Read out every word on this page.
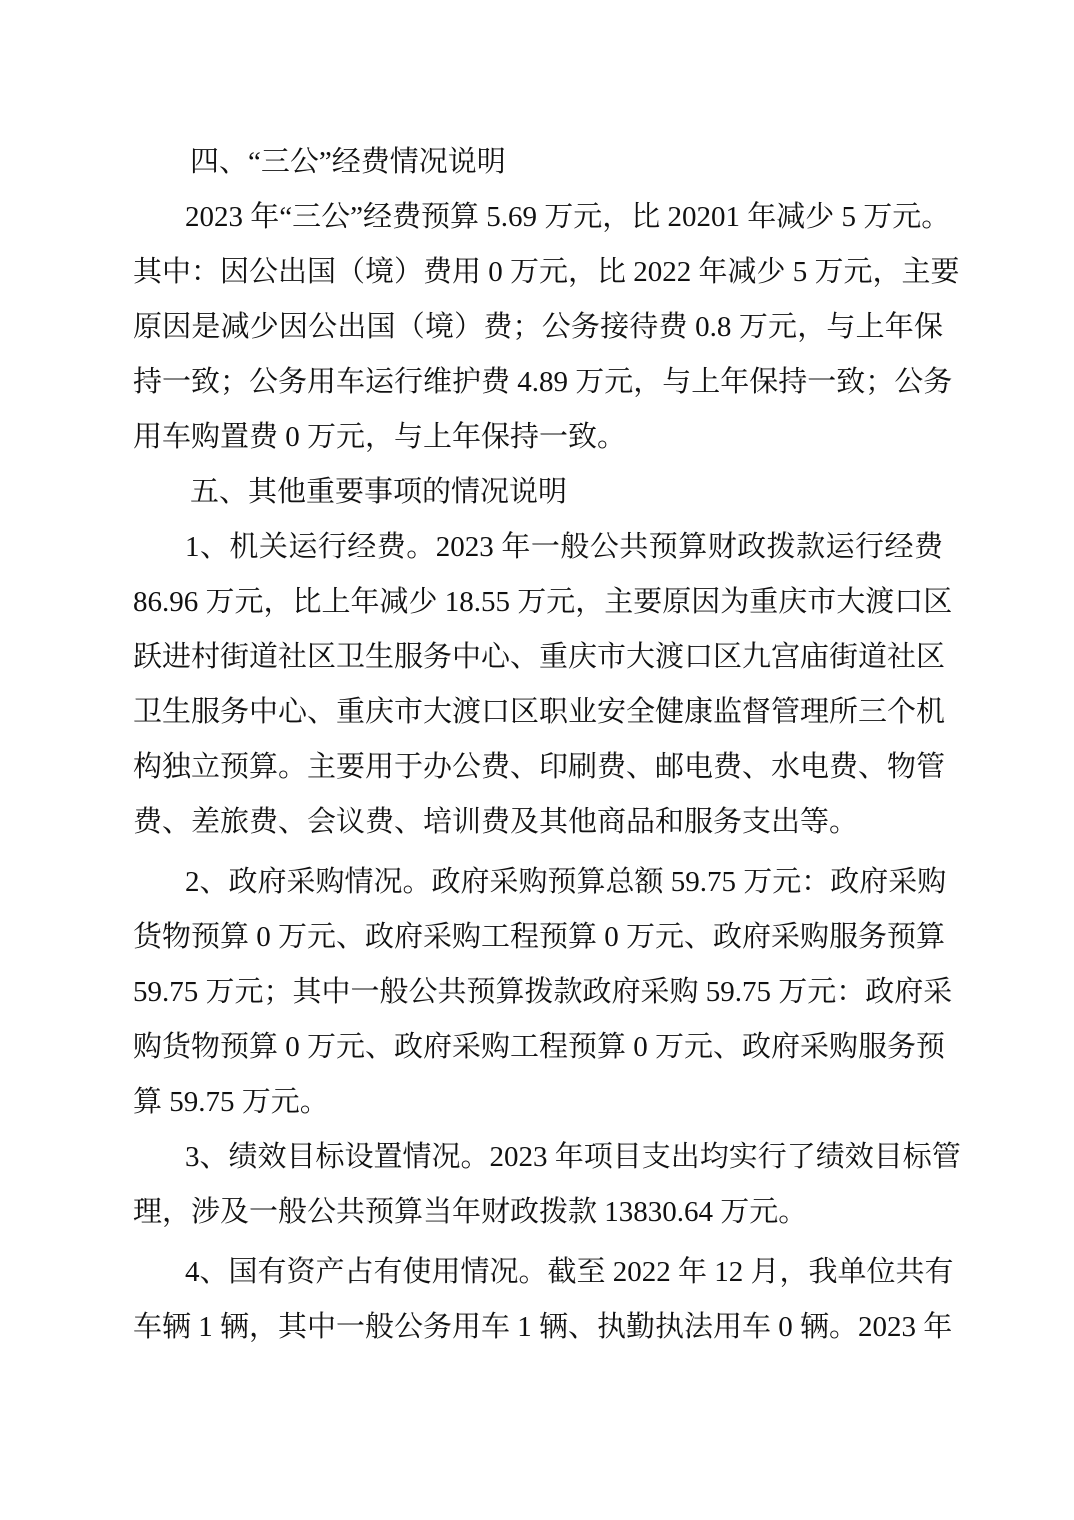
四、“三公”经费情况说明
2023 年“三公”经费预算 5.69 万元，比 20201 年减少 5 万元。
其中：因公出国（境）费用 0 万元，比 2022 年减少 5 万元，主要
原因是减少因公出国（境）费；公务接待费 0.8 万元，与上年保
持一致；公务用车运行维护费 4.89 万元，与上年保持一致；公务
用车购置费 0 万元，与上年保持一致。
五、其他重要事项的情况说明
1、机关运行经费。2023 年一般公共预算财政拨款运行经费
86.96 万元，比上年减少 18.55 万元，主要原因为重庆市大渡口区
跃进村街道社区卫生服务中心、重庆市大渡口区九宫庙街道社区
卫生服务中心、重庆市大渡口区职业安全健康监督管理所三个机
构独立预算。主要用于办公费、印刷费、邮电费、水电费、物管
费、差旅费、会议费、培训费及其他商品和服务支出等。
2、政府采购情况。政府采购预算总额 59.75 万元：政府采购
货物预算 0 万元、政府采购工程预算 0 万元、政府采购服务预算
59.75 万元；其中一般公共预算拨款政府采购 59.75 万元：政府采
购货物预算 0 万元、政府采购工程预算 0 万元、政府采购服务预
算 59.75 万元。
3、绩效目标设置情况。2023 年项目支出均实行了绩效目标管
理，涉及一般公共预算当年财政拨款 13830.64 万元。
4、国有资产占有使用情况。截至 2022 年 12 月，我单位共有
车辆 1 辆，其中一般公务用车 1 辆、执勤执法用车 0 辆。2023 年
